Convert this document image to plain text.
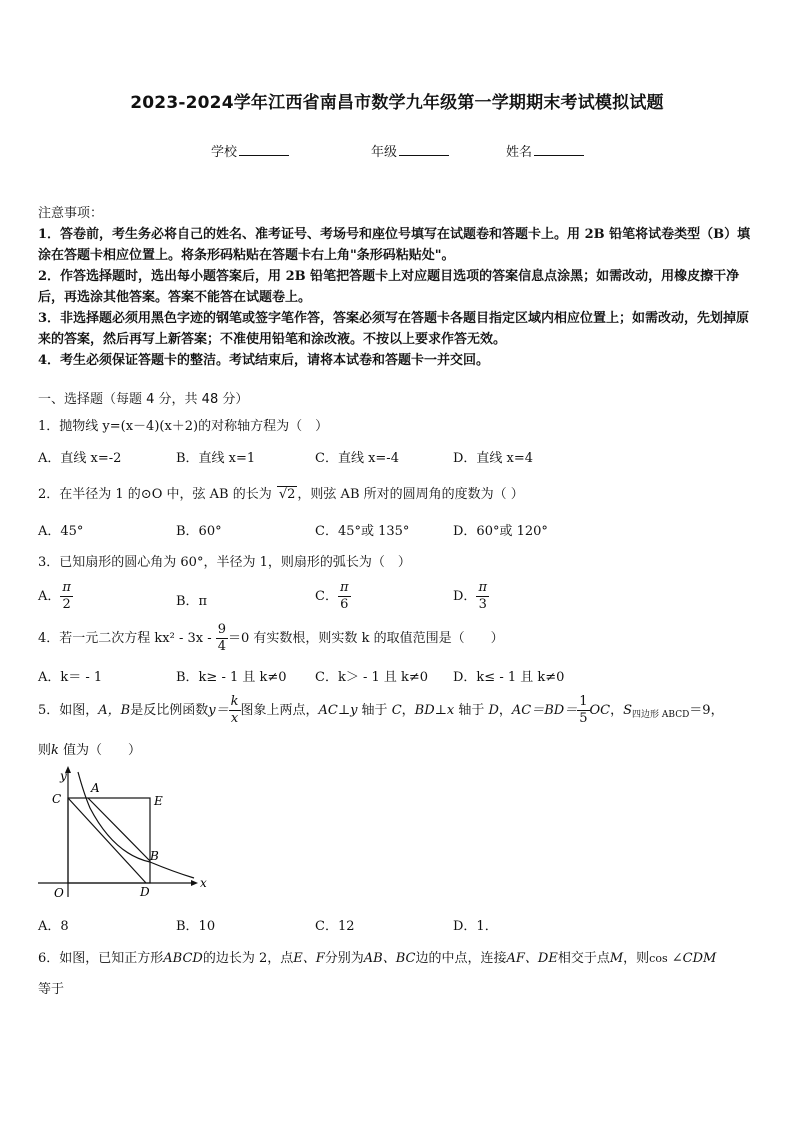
2023-2024学年江西省南昌市数学九年级第一学期期末考试模拟试题
学校	年级	姓名

注意事项：

1．答卷前，考生务必将自己的姓名、准考证号、考场号和座位号填写在试题卷和答题卡上。用 2B 铅笔将试卷类型（B）填涂在答题卡相应位置上。将条形码粘贴在答题卡右上角"条形码粘贴处"。

2．作答选择题时，选出每小题答案后，用 2B 铅笔把答题卡上对应题目选项的答案信息点涂黑；如需改动，用橡皮擦干净后，再选涂其他答案。答案不能答在试题卷上。

3．非选择题必须用黑色字迹的钢笔或签字笔作答，答案必须写在答题卡各题目指定区域内相应位置上；如需改动，先划掉原来的答案，然后再写上新答案；不准使用铅笔和涂改液。不按以上要求作答无效。

4．考生必须保证答题卡的整洁。考试结束后，请将本试卷和答题卡一并交回。

一、选择题（每题 4 分，共 48 分）
1．抛物线 y=(x－4)(x＋2)的对称轴方程为（　）
A．直线 x=-2	B．直线 x=1	C．直线 x=-4	D．直线 x=4
2．在半径为 1 的⊙O 中，弦 AB 的长为 √2 ，则弦 AB 所对的圆周角的度数为（ ）
A．45°	B．60°	C．45°或 135°	D．60°或 120°
3．已知扇形的圆心角为 60°，半径为 1，则扇形的弧长为（　）
A． $\frac{\pi}{2}$	B．π	C． $\frac{\pi}{6}$	D． $\frac{\pi}{3}$
4．若一元二次方程 $kx^2 - 3x - \frac{9}{4} =0$ 有实数根，则实数 k 的取值范围是（　　）
A．k＝ - 1	B．k≥ - 1 且 k≠0 C．k＞ - 1 且 k≠0 D．k≤ - 1 且 k≠0
5．如图，A，B是反比例函数$y= \frac{k}{x}$ 图象上两点，AC⊥y 轴于 C，BD⊥x 轴于 D，$AC=BD= \frac{1}{5}$ OC，$S_{四边形 ABCD}=9$，
则k 值为（　　）
y
C
A
E
B
O	D
x
A．8	B．10	C．12	D．1．
6．如图，已知正方形ABCD的边长为 2，点E、F分别为AB、BC边的中点，连接AF、DE相交于点M，则cos ∠CDM
等于
